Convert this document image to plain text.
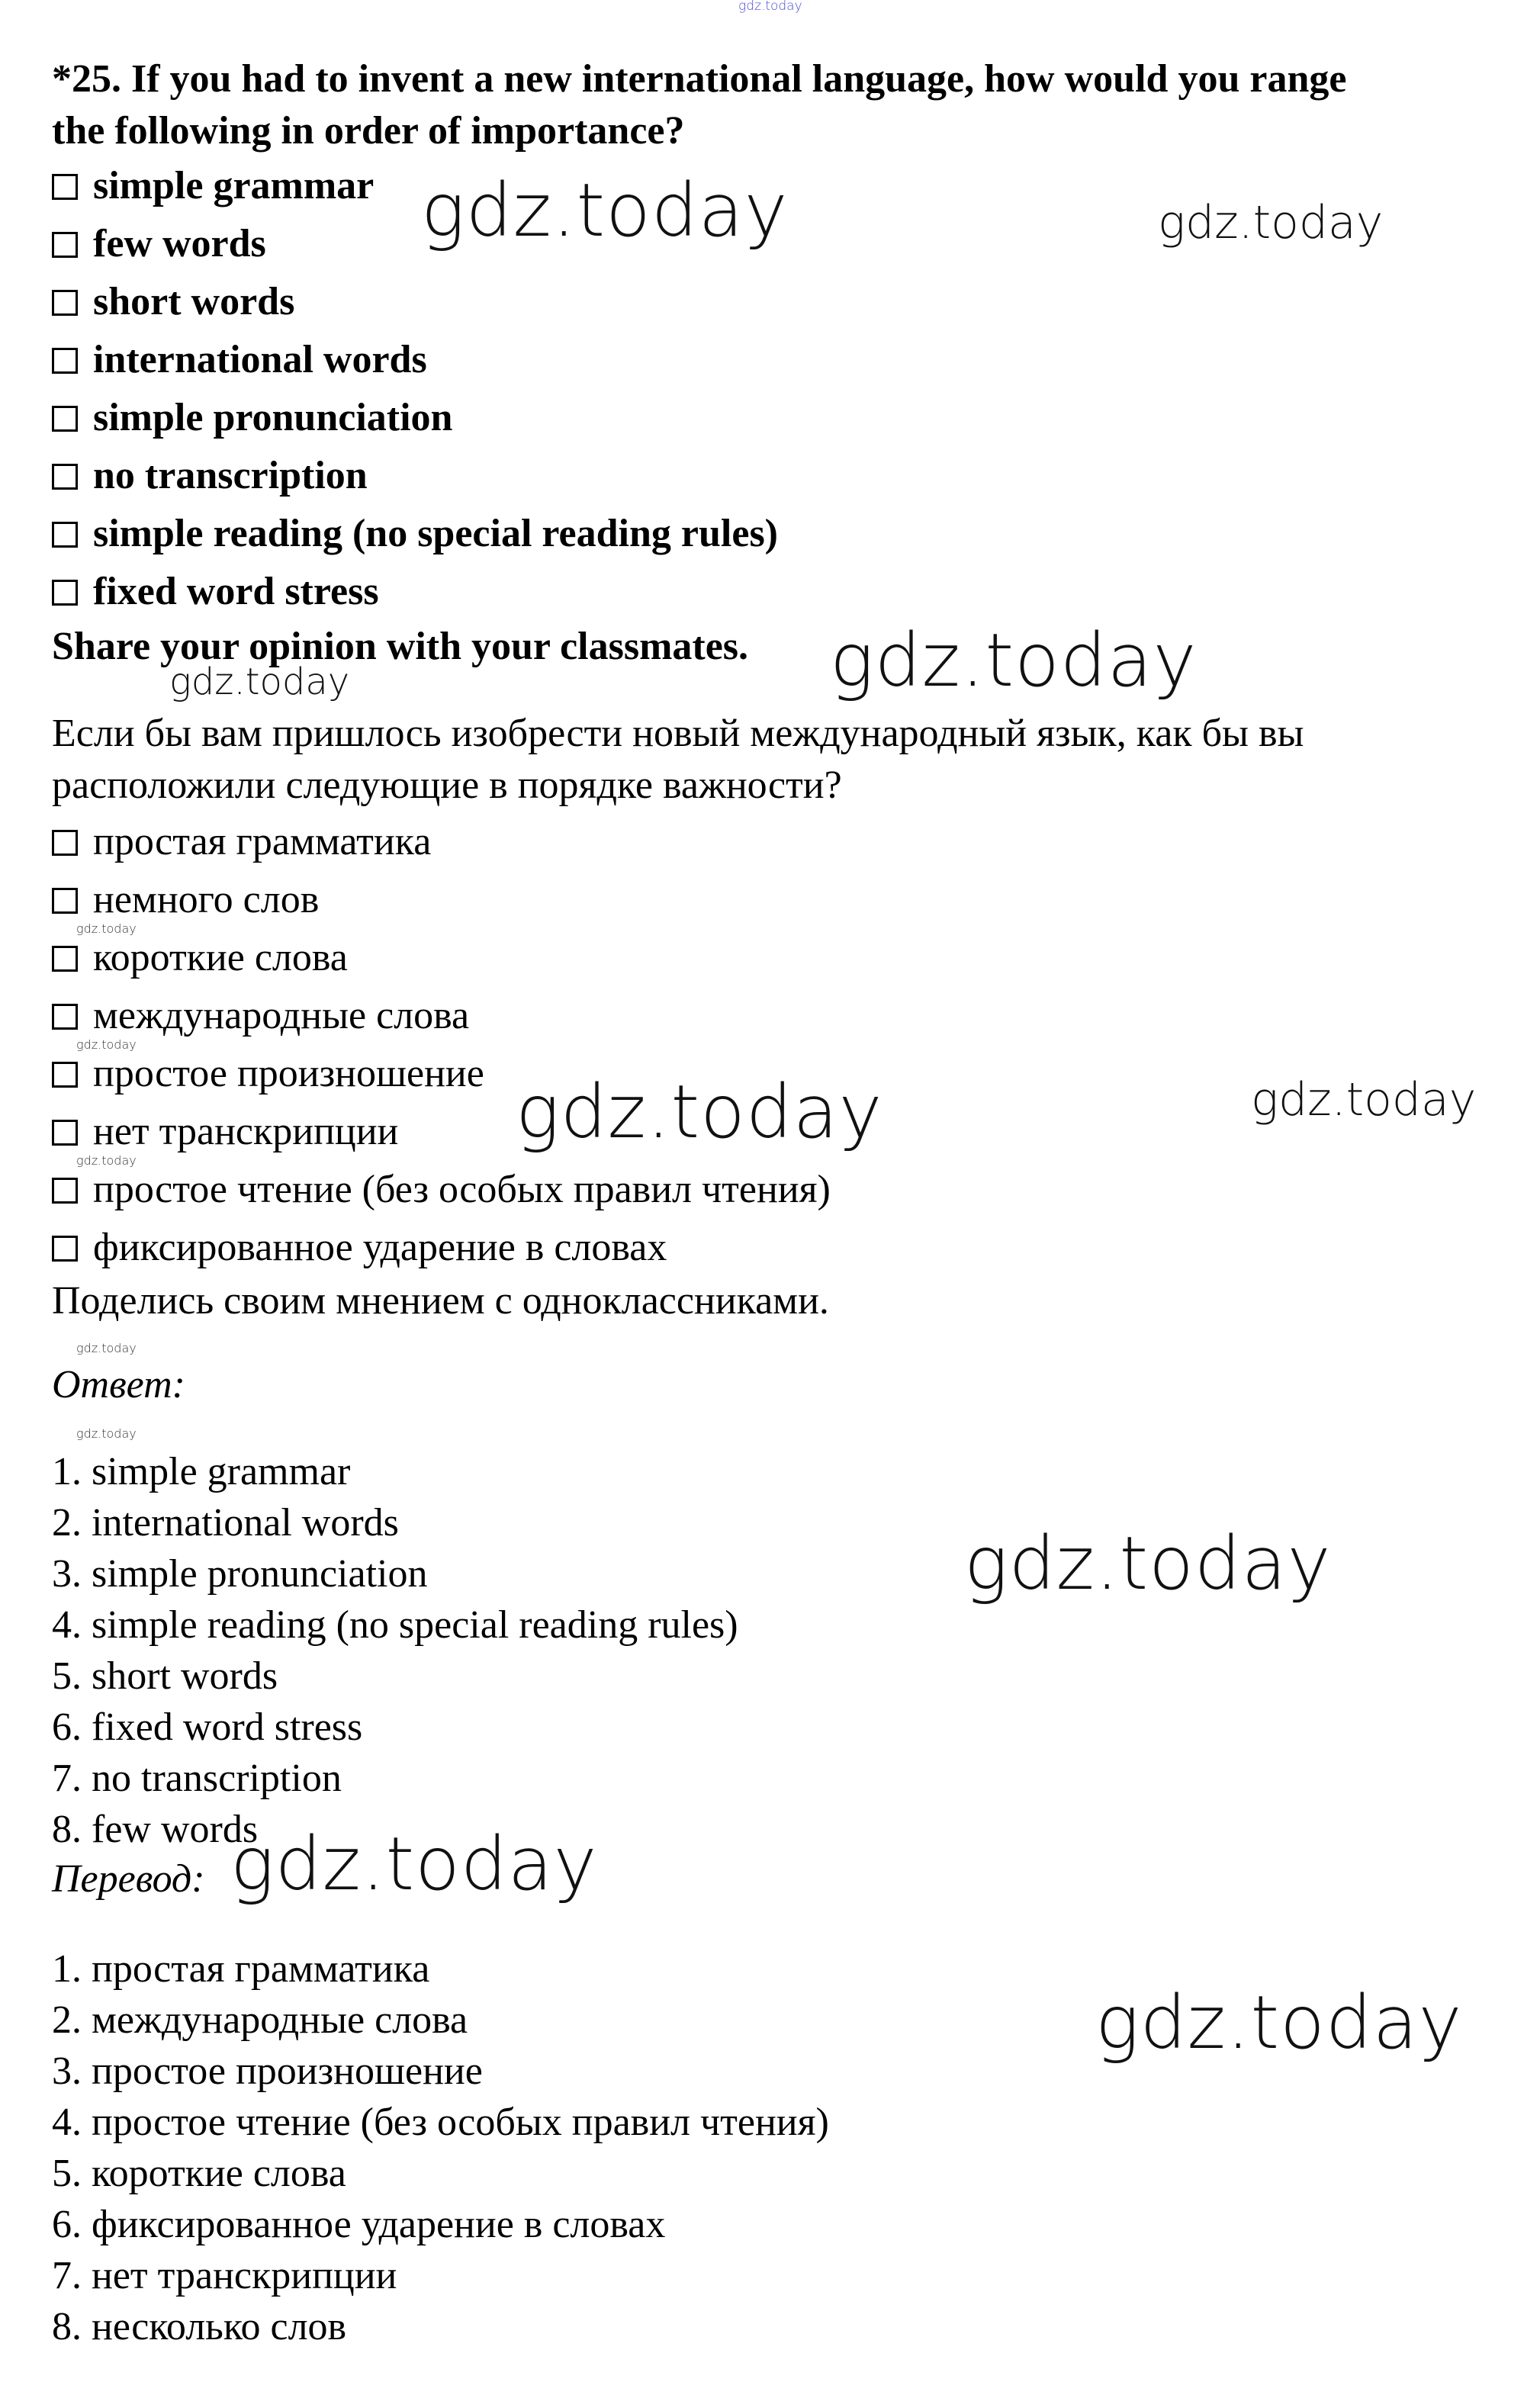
gdz.today
*25. If you had to invent a new international language, how would you range
the following in order of importance?
simple grammar
few words
short words
international words
simple pronunciation
no transcription
simple reading (no special reading rules)
fixed word stress
Share your opinion with your classmates.
Если бы вам пришлось изобрести новый международный язык, как бы вы
расположили следующие в порядке важности?
простая грамматика
немного слов
короткие слова
международные слова
простое произношение
нет транскрипции
простое чтение (без особых правил чтения)
фиксированное ударение в словах
Поделись своим мнением с одноклассниками.
Ответ:
1. simple grammar
2. international words
3. simple pronunciation
4. simple reading (no special reading rules)
5. short words
6. fixed word stress
7. no transcription
8. few words
Перевод:
1. простая грамматика
2. международные слова
3. простое произношение
4. простое чтение (без особых правил чтения)
5. короткие слова
6. фиксированное ударение в словах
7. нет транскрипции
8. несколько слов
gdz.today	gdz.today
gdz.today
gdz.today
gdz.today
gdz.today
gdz.today
gdz.today
gdz.today
gdz.today
gdz.today
gdz.today
gdz.today
gdz.today
